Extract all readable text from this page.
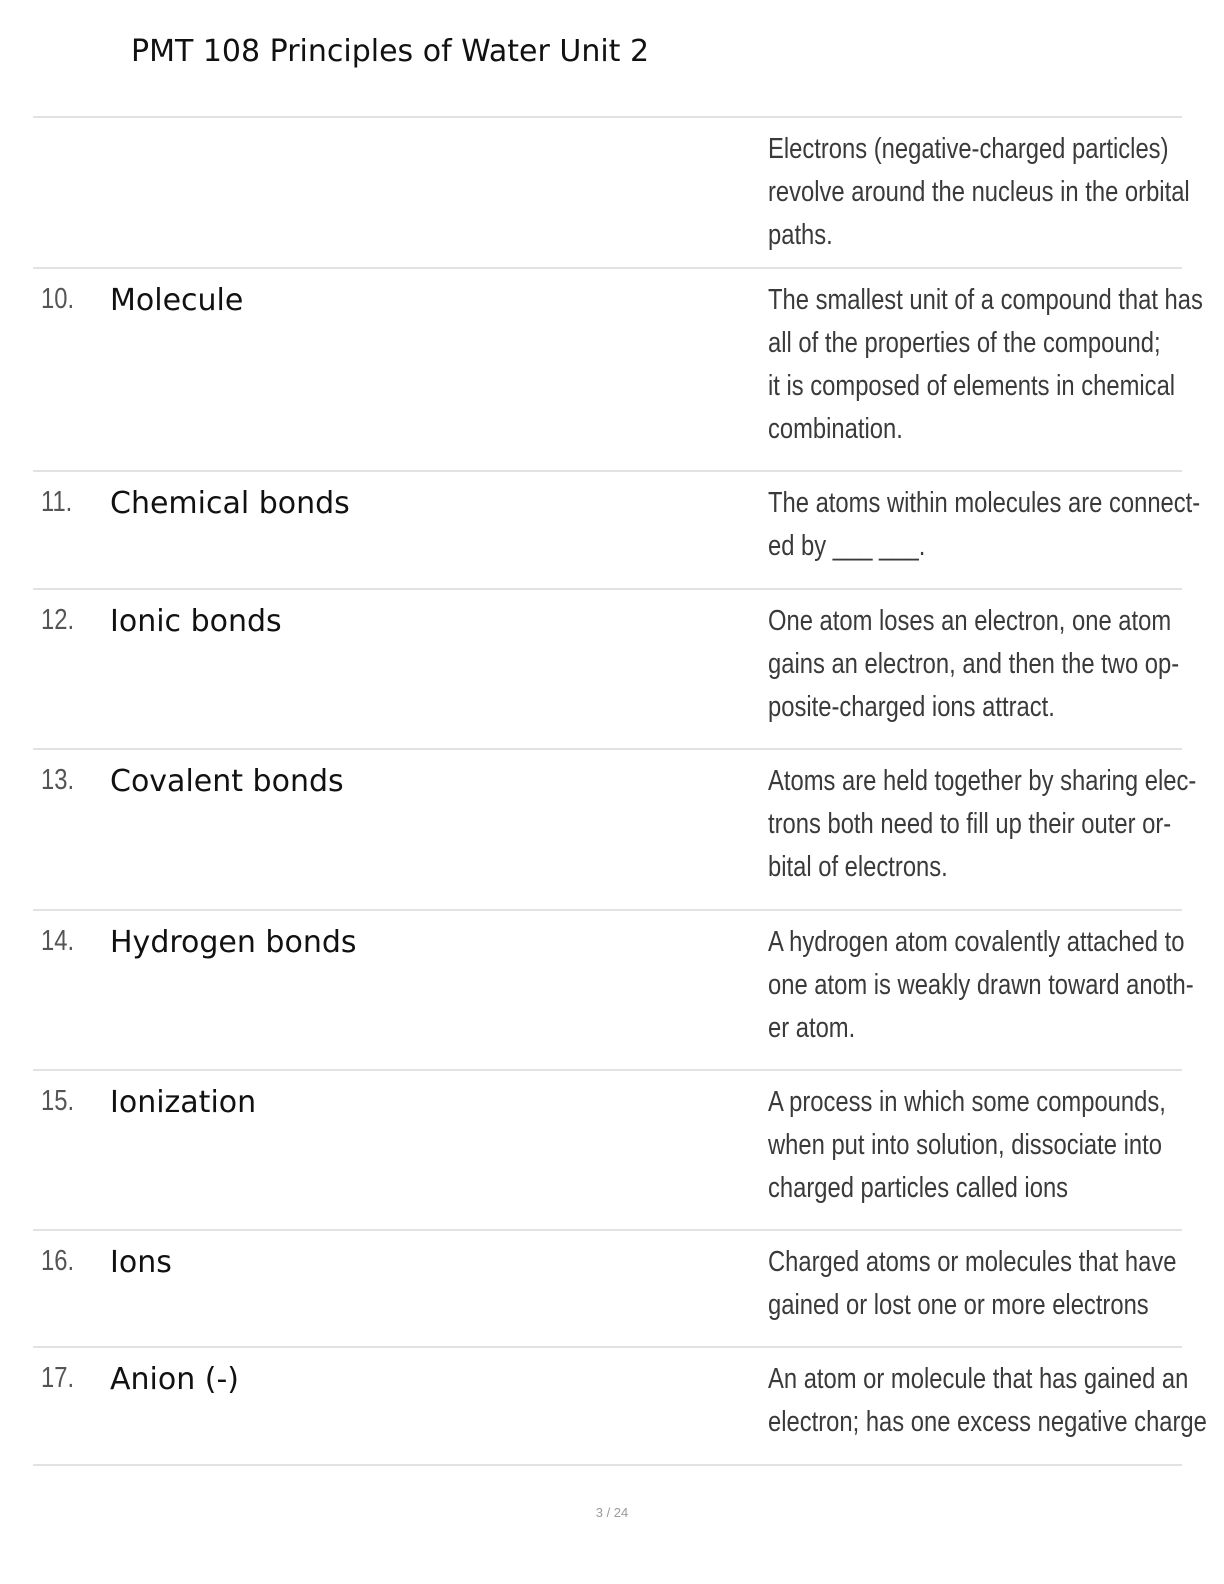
PMT 108 Principles of Water Unit 2
Electrons (negative-charged particles)
revolve around the nucleus in the orbital
paths.
10. Molecule	The smallest unit of a compound that has
all of the properties of the compound;
it is composed of elements in chemical
combination.
11. Chemical bonds	The atoms within molecules are connect-
ed by ___ ___.
12. Ionic bonds	One atom loses an electron, one atom
gains an electron, and then the two op-
posite-charged ions attract.
13. Covalent bonds	Atoms are held together by sharing elec-
trons both need to fill up their outer or-
bital of electrons.
14. Hydrogen bonds	A hydrogen atom covalently attached to
one atom is weakly drawn toward anoth-
er atom.
15. Ionization	A process in which some compounds,
when put into solution, dissociate into
charged particles called ions
16. Ions	Charged atoms or molecules that have
gained or lost one or more electrons
17. Anion (-)	An atom or molecule that has gained an
electron; has one excess negative charge
3 / 24
